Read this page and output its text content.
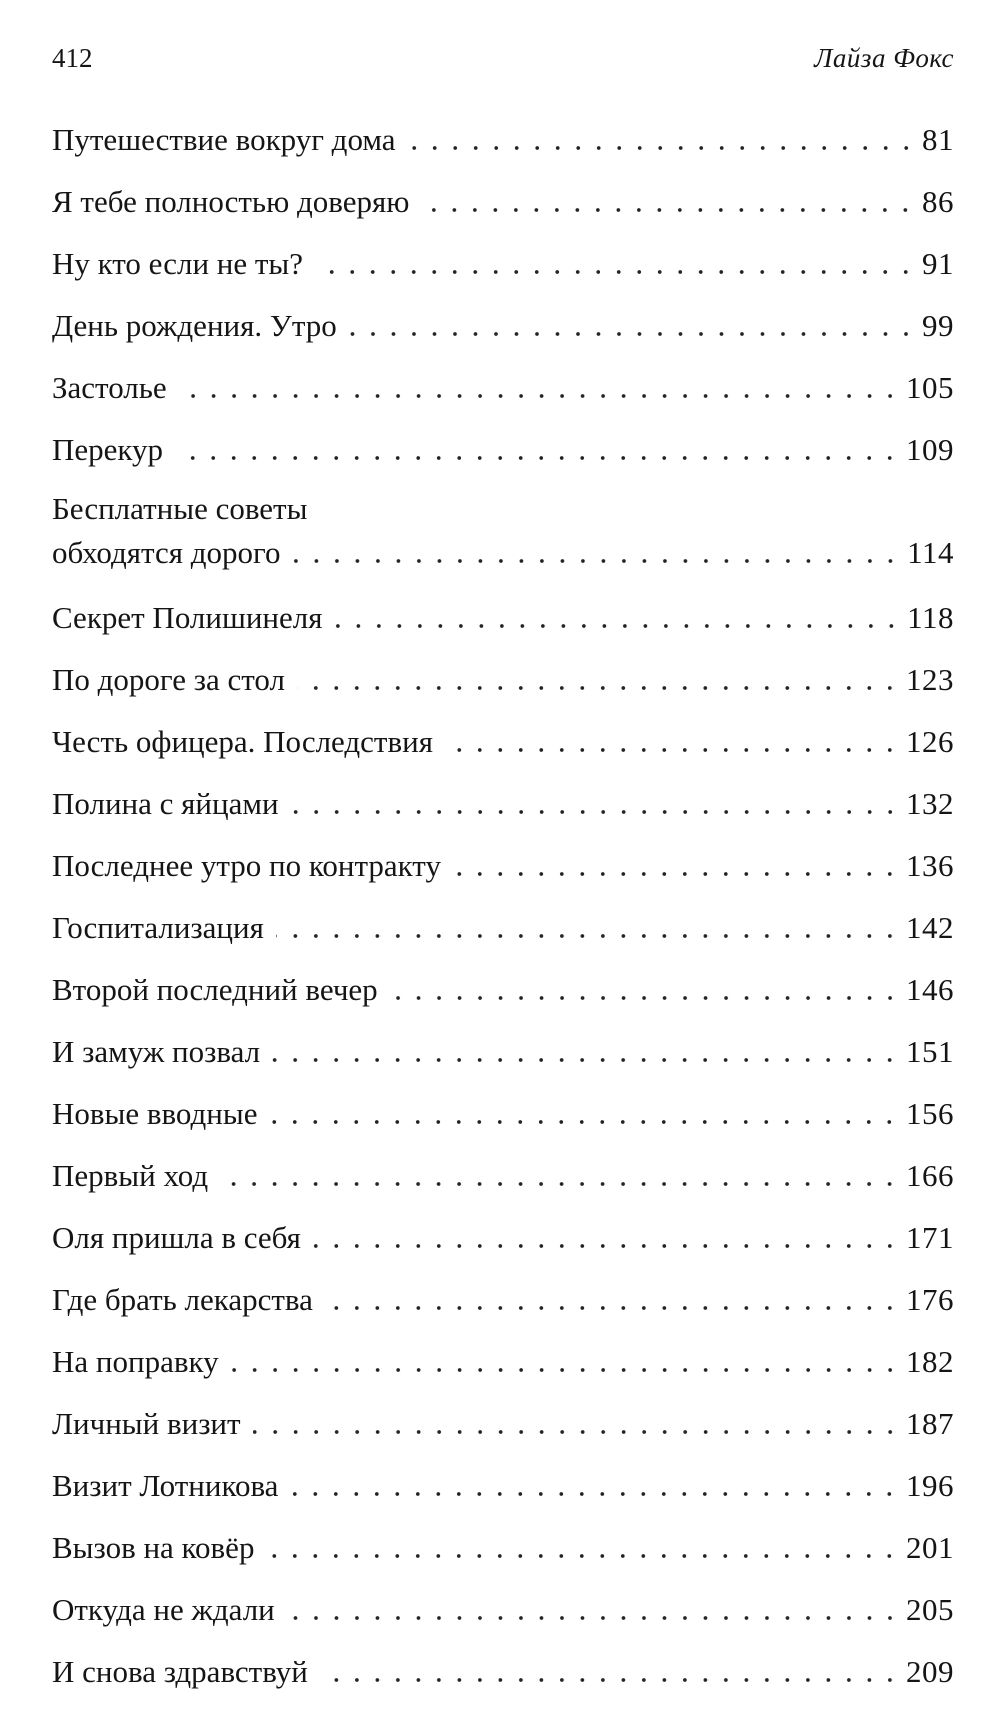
412	Лайза Фокс
Путешествие вокруг дома	81
Я тебе полностью доверяю	86
Ну кто если не ты?	91
День рождения. Утро	99
Застолье	105
Перекур	109
Бесплатные советы
обходятся дорого	114
Секрет Полишинеля	118
По дороге за стол	123
Честь офицера. Последствия	126
Полина с яйцами	132
Последнее утро по контракту	136
Госпитализация	142
Второй последний вечер	146
И замуж позвал	151
Новые вводные	156
Первый ход	166
Оля пришла в себя	171
Где брать лекарства	176
На поправку	182
Личный визит	187
Визит Лотникова	196
Вызов на ковёр	201
Откуда не ждали	205
И снова здравствуй	209
